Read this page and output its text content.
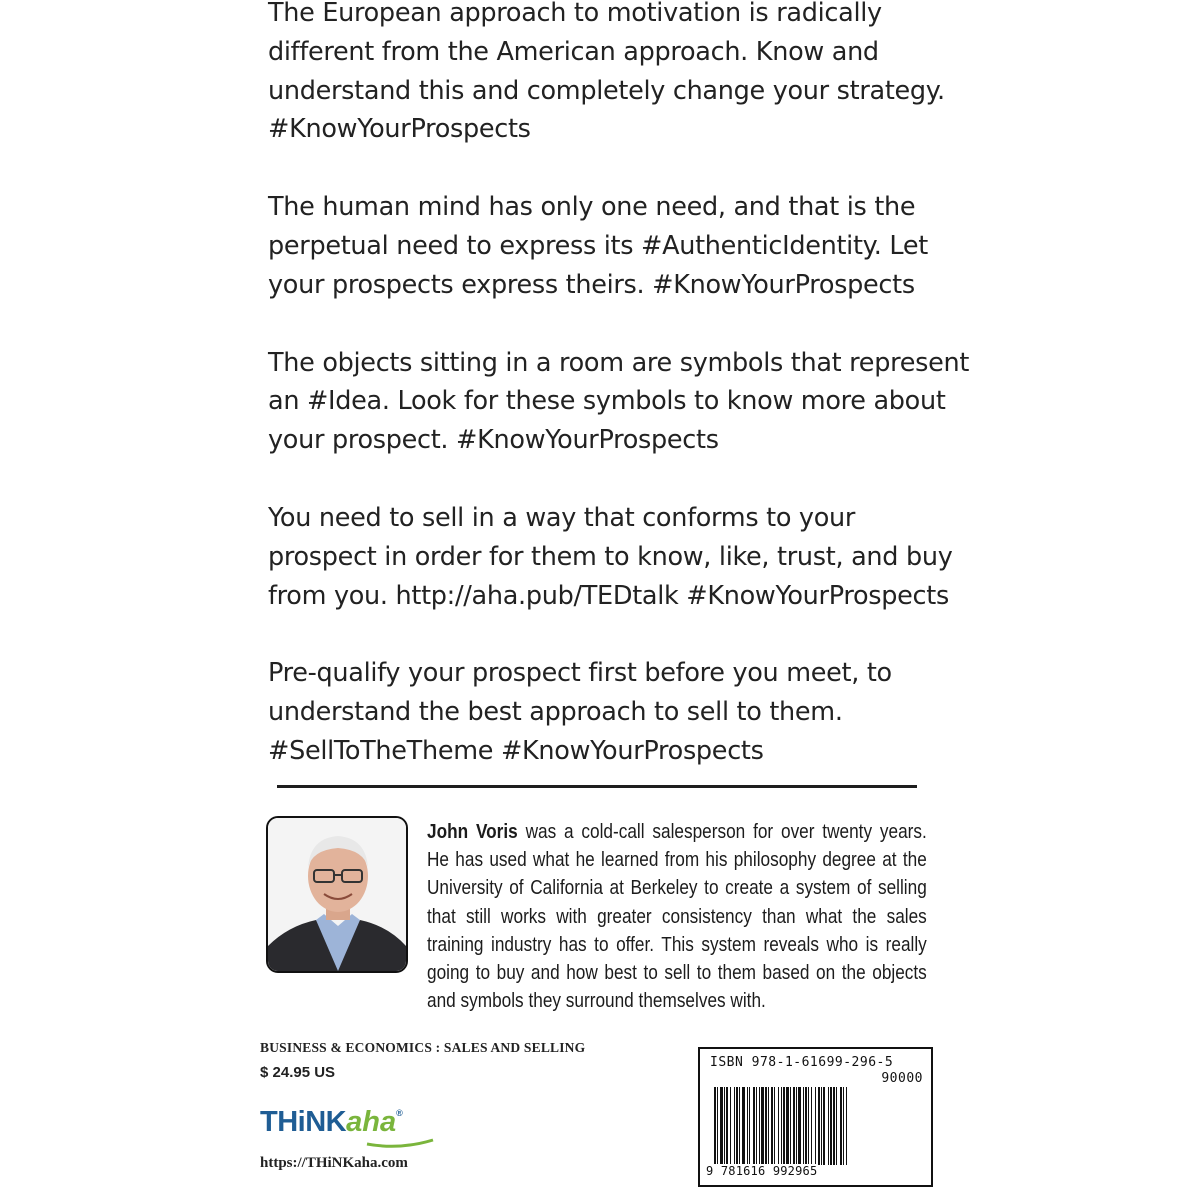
The European approach to motivation is radically

different from the American approach. Know and

understand this and completely change your strategy.

#KnowYourProspects

The human mind has only one need, and that is the

perpetual need to express its #AuthenticIdentity. Let

your prospects express theirs. #KnowYourProspects

The objects sitting in a room are symbols that represent

an #Idea. Look for these symbols to know more about

your prospect. #KnowYourProspects

You need to sell in a way that conforms to your

prospect in order for them to know, like, trust, and buy

from you. http://aha.pub/TEDtalk #KnowYourProspects

Pre-qualify your prospect first before you meet, to

understand the best approach to sell to them.

#SellToTheTheme #KnowYourProspects

John Voris was a cold-call salesperson for over twenty years.

He has used what he learned from his philosophy degree at the

University of California at Berkeley to create a system of selling

that still works with greater consistency than what the sales

training industry has to offer. This system reveals who is really

going to buy and how best to sell to them based on the objects

and symbols they surround themselves with.

BUSINESS & ECONOMICS : SALES AND SELLING
$ 24.95 US
THiNKaha®
https://THiNKaha.com
ISBN 978-1-61699-296-5
90000
9 781616 992965
